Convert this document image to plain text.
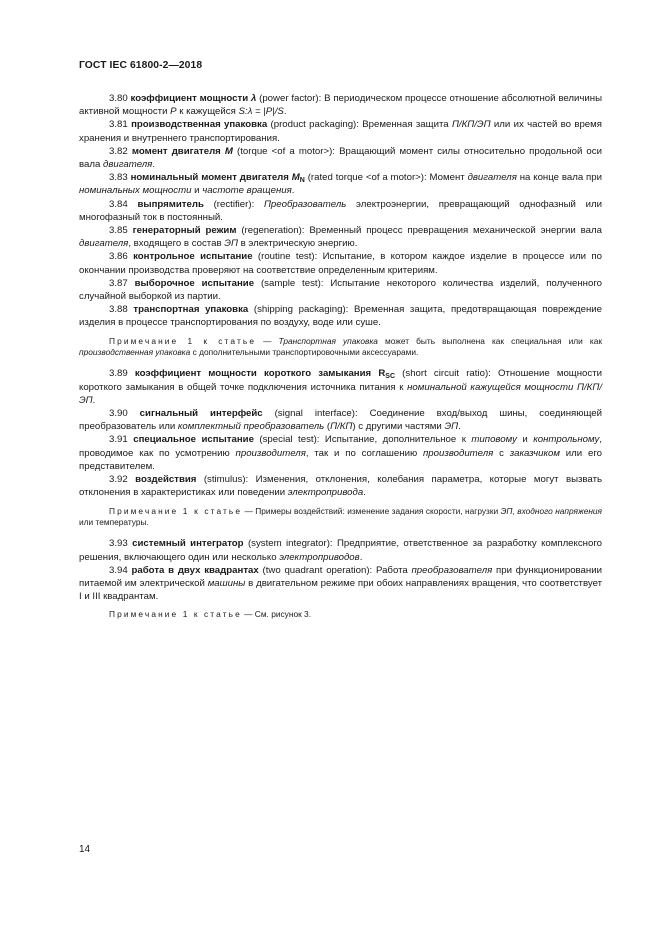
ГОСТ IEC 61800-2—2018

3.80 коэффициент мощности λ (power factor): В периодическом процессе отношение абсолютной величины активной мощности P к кажущейся S:λ = |P|/S.

3.81 производственная упаковка (product packaging): Временная защита П/КП/ЭП или их частей во время хранения и внутреннего транспортирования.

3.82 момент двигателя M (torque <of a motor>): Вращающий момент силы относительно продольной оси вала двигателя.

3.83 номинальный момент двигателя $M_N$ (rated torque <of a motor>): Момент двигателя на конце вала при номинальных мощности и частоте вращения.

3.84 выпрямитель (rectifier): Преобразователь электроэнергии, превращающий однофазный или многофазный ток в постоянный.

3.85 генераторный режим (regeneration): Временный процесс превращения механической энергии вала двигателя, входящего в состав ЭП в электрическую энергию.

3.86 контрольное испытание (routine test): Испытание, в котором каждое изделие в процессе или по окончании производства проверяют на соответствие определенным критериям.

3.87 выборочное испытание (sample test): Испытание некоторого количества изделий, полученного случайной выборкой из партии.

3.88 транспортная упаковка (shipping packaging): Временная защита, предотвращающая повреждение изделия в процессе транспортирования по воздуху, воде или суше.

Примечание 1 к статье — Транспортная упаковка может быть выполнена как специальная или как производственная упаковка с дополнительными транспортировочными аксессуарами.

3.89 коэффициент мощности короткого замыкания $R_{SC}$ (short circuit ratio): Отношение мощности короткого замыкания в общей точке подключения источника питания к номинальной кажущейся мощности П/КП/ЭП.

3.90 сигнальный интерфейс (signal interface): Соединение вход/выход шины, соединяющей преобразователь или комплектный преобразователь (П/КП) с другими частями ЭП.

3.91 специальное испытание (special test): Испытание, дополнительное к типовому и контрольному, проводимое как по усмотрению производителя, так и по соглашению производителя с заказчиком или его представителем.

3.92 воздействия (stimulus): Изменения, отклонения, колебания параметра, которые могут вызвать отклонения в характеристиках или поведении электропривода.

Примечание 1 к статье — Примеры воздействий: изменение задания скорости, нагрузки ЭП, входного напряжения или температуры.

3.93 системный интегратор (system integrator): Предприятие, ответственное за разработку комплексного решения, включающего один или несколько электроприводов.

3.94 работа в двух квадрантах (two quadrant operation): Работа преобразователя при функционировании питаемой им электрической машины в двигательном режиме при обоих направлениях вращения, что соответствует I и III квадрантам.

Примечание 1 к статье — См. рисунок 3.

14
